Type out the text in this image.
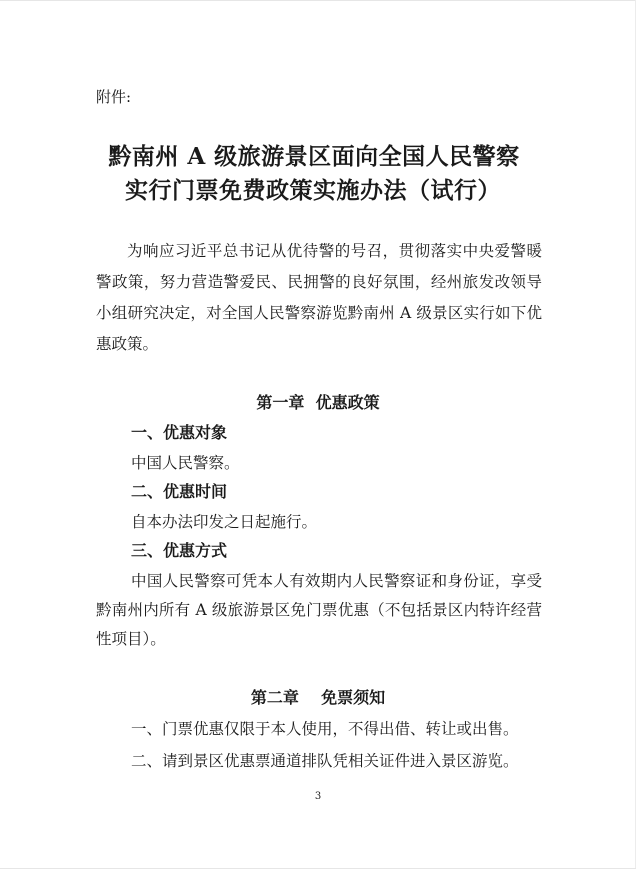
附件:
黔南州 A 级旅游景区面向全国人民警察
实行门票免费政策实施办法（试行）

为响应习近平总书记从优待警的号召，贯彻落实中央爱警暖警政策，努力营造警爱民、民拥警的良好氛围，经州旅发改领导小组研究决定，对全国人民警察游览黔南州 A 级景区实行如下优惠政策。

第一章  优惠政策
一、优惠对象
中国人民警察。
二、优惠时间
自本办法印发之日起施行。
三、优惠方式

中国人民警察可凭本人有效期内人民警察证和身份证，享受黔南州内所有 A 级旅游景区免门票优惠（不包括景区内特许经营性项目）。

第二章    免票须知
一、门票优惠仅限于本人使用，不得出借、转让或出售。
二、请到景区优惠票通道排队凭相关证件进入景区游览。
3
